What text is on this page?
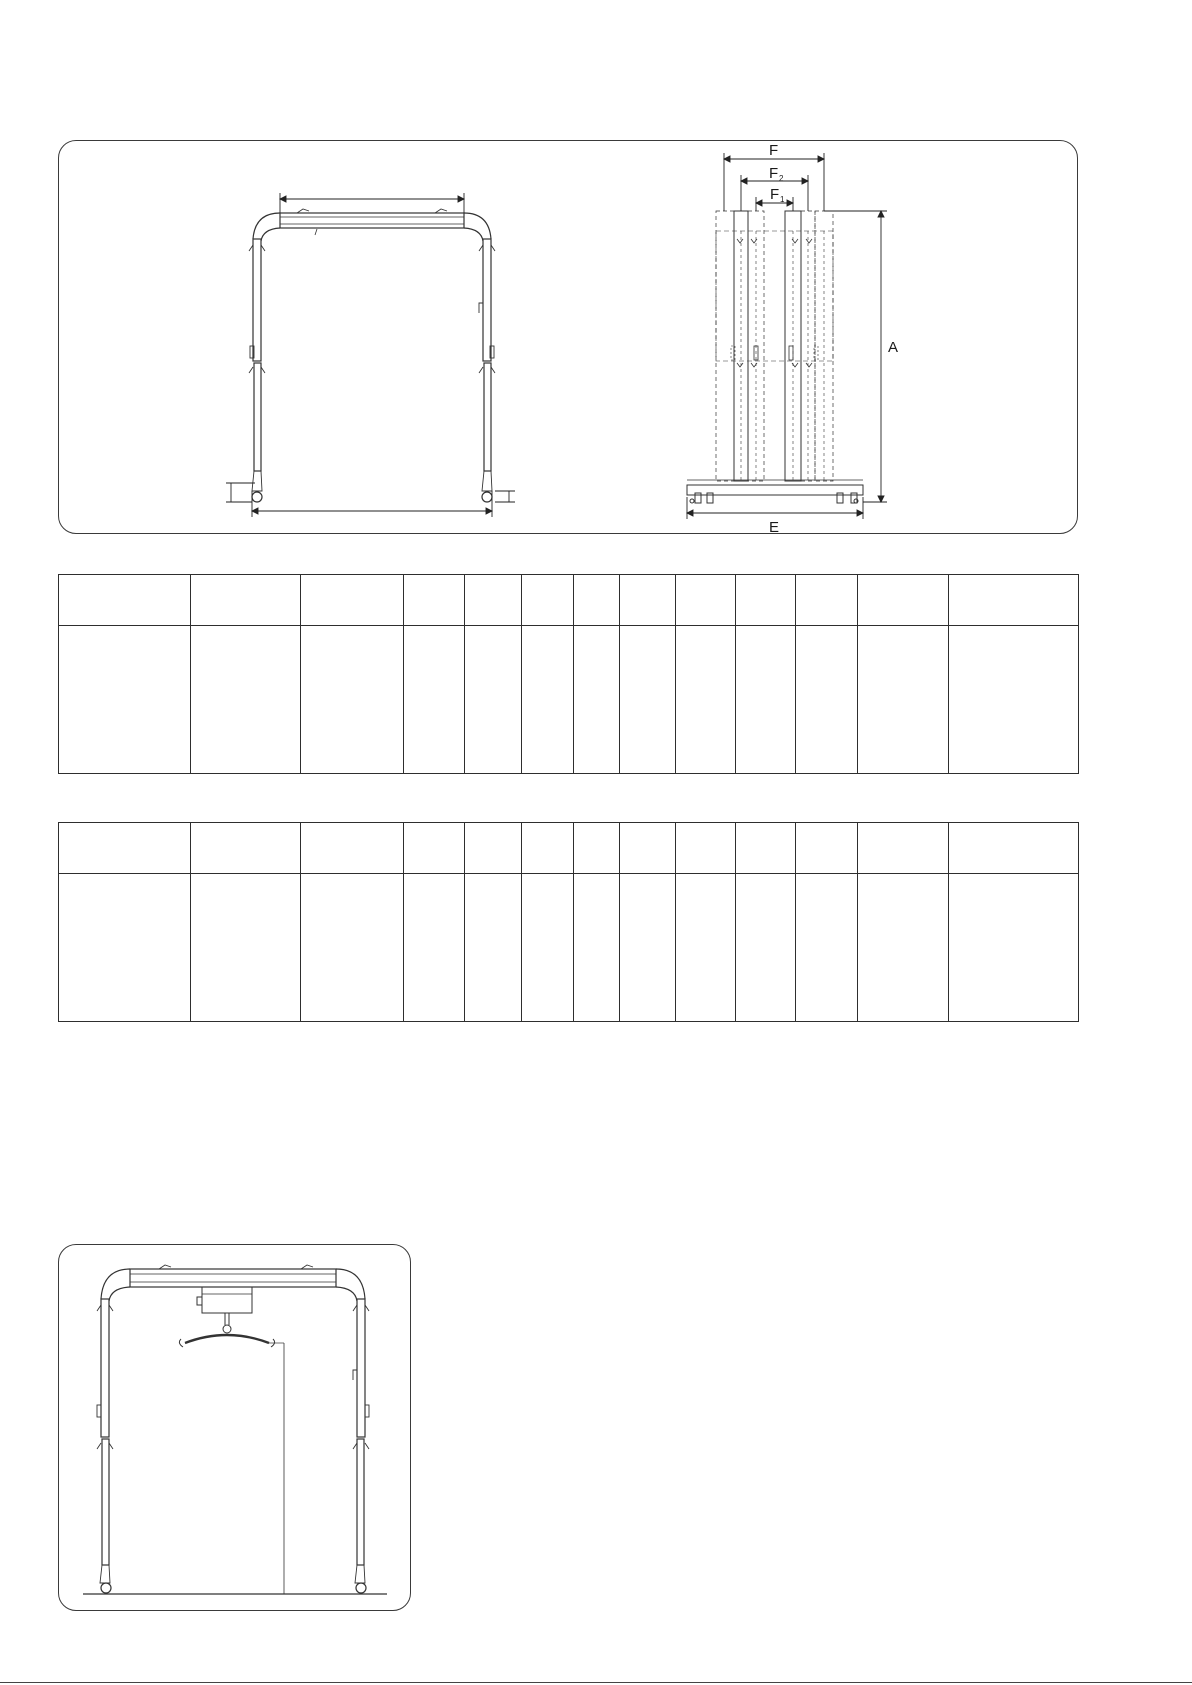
F
F 2
F 1
A
E
